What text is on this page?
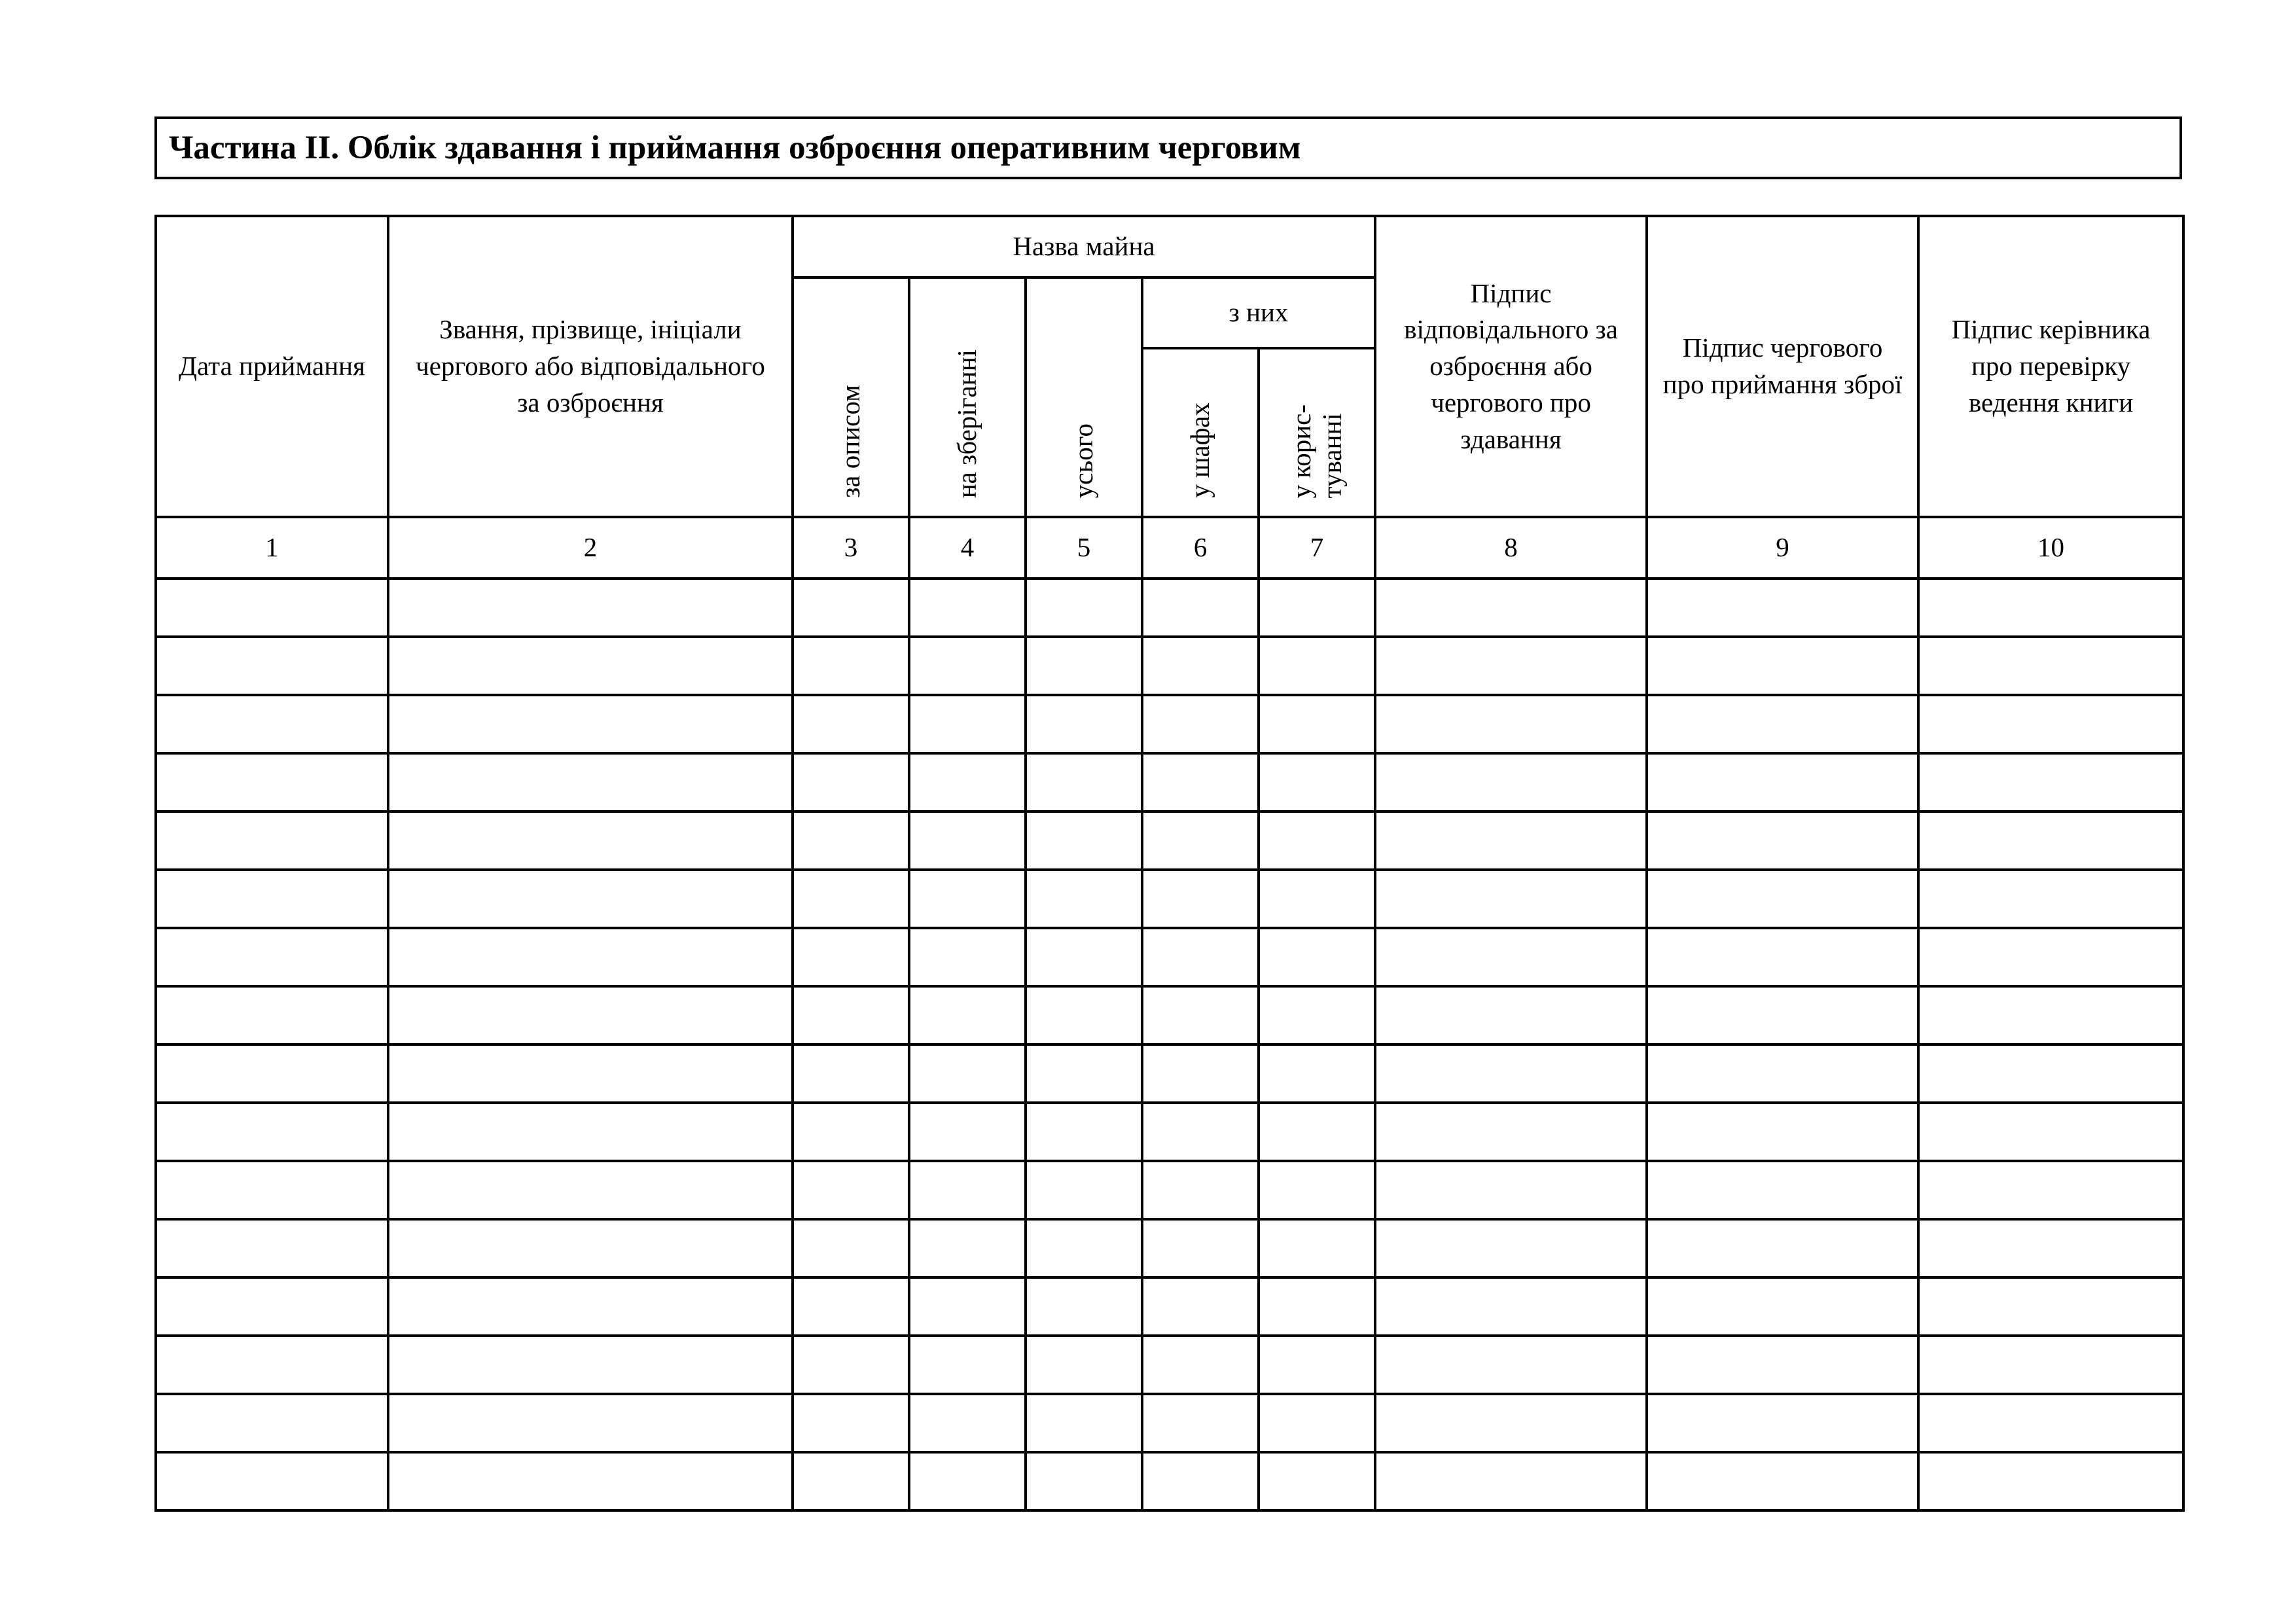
Частина ІІ. Облік здавання і приймання озброєння оперативним черговим
Дата приймання	Звання, прізвище, ініціали чергового або відповідального за озброєння	Назва майна					Підпис відповідального за озброєння або чергового про здавання	Підпис чергового про приймання зброї	Підпис керівника про перевірку ведення книги
		за описом	на зберіганні	усього	з них				
					у шафах	у корис-
туванні			
1	2	3	4	5	6	7	8	9	10
